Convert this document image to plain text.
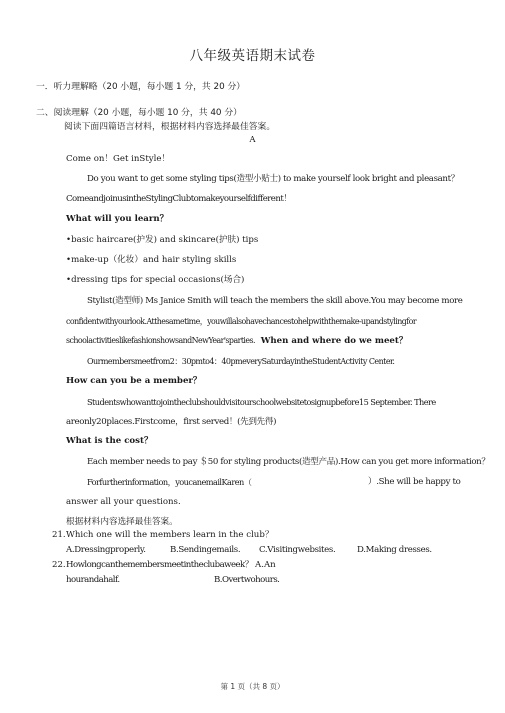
八年级英语期末试卷
一．听力理解略（20 小题，每小题 1 分，共 20 分）
二、阅读理解（20 小题，每小题 10 分，共 40 分）
阅读下面四篇语言材料，根据材料内容选择最佳答案。
A
Come on！Get inStyle！
Do you want to get some styling tips(造型小贴士) to make yourself look bright and pleasant？
ComeandjoinusintheStylingClubtomakeyourselfdifferent！
What will you learn？
•basic haircare(护发) and skincare(护肤) tips
•make-up（化妆）and hair styling skills
•dressing tips for special occasions(场合)
Stylist(造型师) Ms Janice Smith will teach the members the skill above.You may become more
confidentwithyourlook.Atthesametime，youwillalsohavechancestohelpwiththemake-upandstylingfor
schoolactivitieslikefashionshowsandNewYear'sparties. When and where do we meet？
Ourmembersmeetfrom2：30pmto4：40pmeverySaturdayintheStudentActivity Center.
How can you be a member？
Studentswhowanttojointheclubshouldvisitourschoolwebsitetosignupbefore15 September. There
areonly20places.Firstcome，first served！(先到先得)
What is the cost？
Each member needs to pay ＄50 for styling products(造型产品).How can you get more information？
Forfurtherinformation，youcanemailKaren（	）.She will be happy to
answer all your questions.
根据材料内容选择最佳答案。
21. Which one will the members learn in the club？
A.Dressingproperly.	B.Sendingemails. C.Visitingwebsites.	D.Making dresses.
22. Howlongcanthemembersmeetintheclubaweek？ A.An
hourandahalf.	B.Overtwohours.
第 1 页（共 8 页）
